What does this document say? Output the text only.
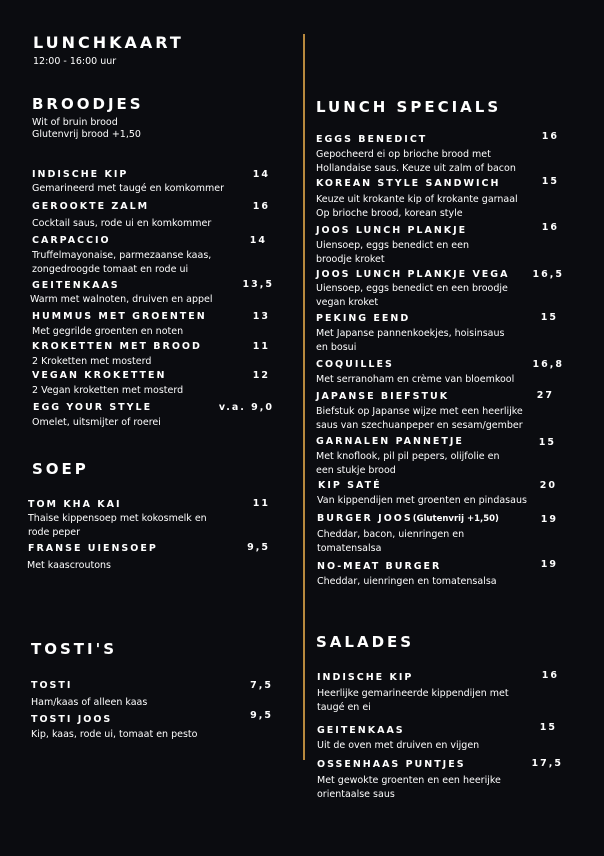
LUNCHKAART
12:00 - 16:00 uur
BROODJES
Wit of bruin brood
Glutenvrij brood +1,50
INDISCHE KIP	14
Gemarineerd met taugé en komkommer
GEROOKTE ZALM	16
Cocktail saus, rode ui en komkommer
CARPACCIO	14
Truffelmayonaise, parmezaanse kaas,
zongedroogde tomaat en rode ui
GEITENKAAS	13,5
Warm met walnoten, druiven en appel
HUMMUS MET GROENTEN	13
Met gegrilde groenten en noten
KROKETTEN MET BROOD	11
2 Kroketten met mosterd
VEGAN KROKETTEN	12
2 Vegan kroketten met mosterd
EGG YOUR STYLE	v.a. 9,0
Omelet, uitsmijter of roerei
SOEP
TOM KHA KAI	11
Thaise kippensoep met kokosmelk en
rode peper
FRANSE UIENSOEP	9,5
Met kaascroutons
TOSTI'S
TOSTI	7,5
Ham/kaas of alleen kaas
TOSTI JOOS	9,5
Kip, kaas, rode ui, tomaat en pesto
LUNCH SPECIALS
EGGS BENEDICT	16
Gepocheerd ei op brioche brood met
Hollandaise saus. Keuze uit zalm of bacon
KOREAN STYLE SANDWICH	15
Keuze uit krokante kip of krokante garnaal
Op brioche brood, korean style
JOOS LUNCH PLANKJE	16
Uiensoep, eggs benedict en een
broodje kroket
JOOS LUNCH PLANKJE VEGA 16,5
Uiensoep, eggs benedict en een broodje
vegan kroket
PEKING EEND	15
Met Japanse pannenkoekjes, hoisinsaus
en bosui
COQUILLES	16,8
Met serranoham en crème van bloemkool
JAPANSE BIEFSTUK	27
Biefstuk op Japanse wijze met een heerlijke
saus van szechuanpeper en sesam/gember
GARNALEN PANNETJE	15
Met knoflook, pil pil pepers, olijfolie en
een stukje brood
KIP SATÉ	20
Van kippendijen met groenten en pindasaus
BURGER JOOS(Glutenvrij +1,50)	19
Cheddar, bacon, uienringen en
tomatensalsa
NO-MEAT BURGER	19
Cheddar, uienringen en tomatensalsa
SALADES
INDISCHE KIP	16
Heerlijke gemarineerde kippendijen met
taugé en ei
GEITENKAAS	15
Uit de oven met druiven en vijgen
OSSENHAAS PUNTJES	17,5
Met gewokte groenten en een heerijke
orientaalse saus
